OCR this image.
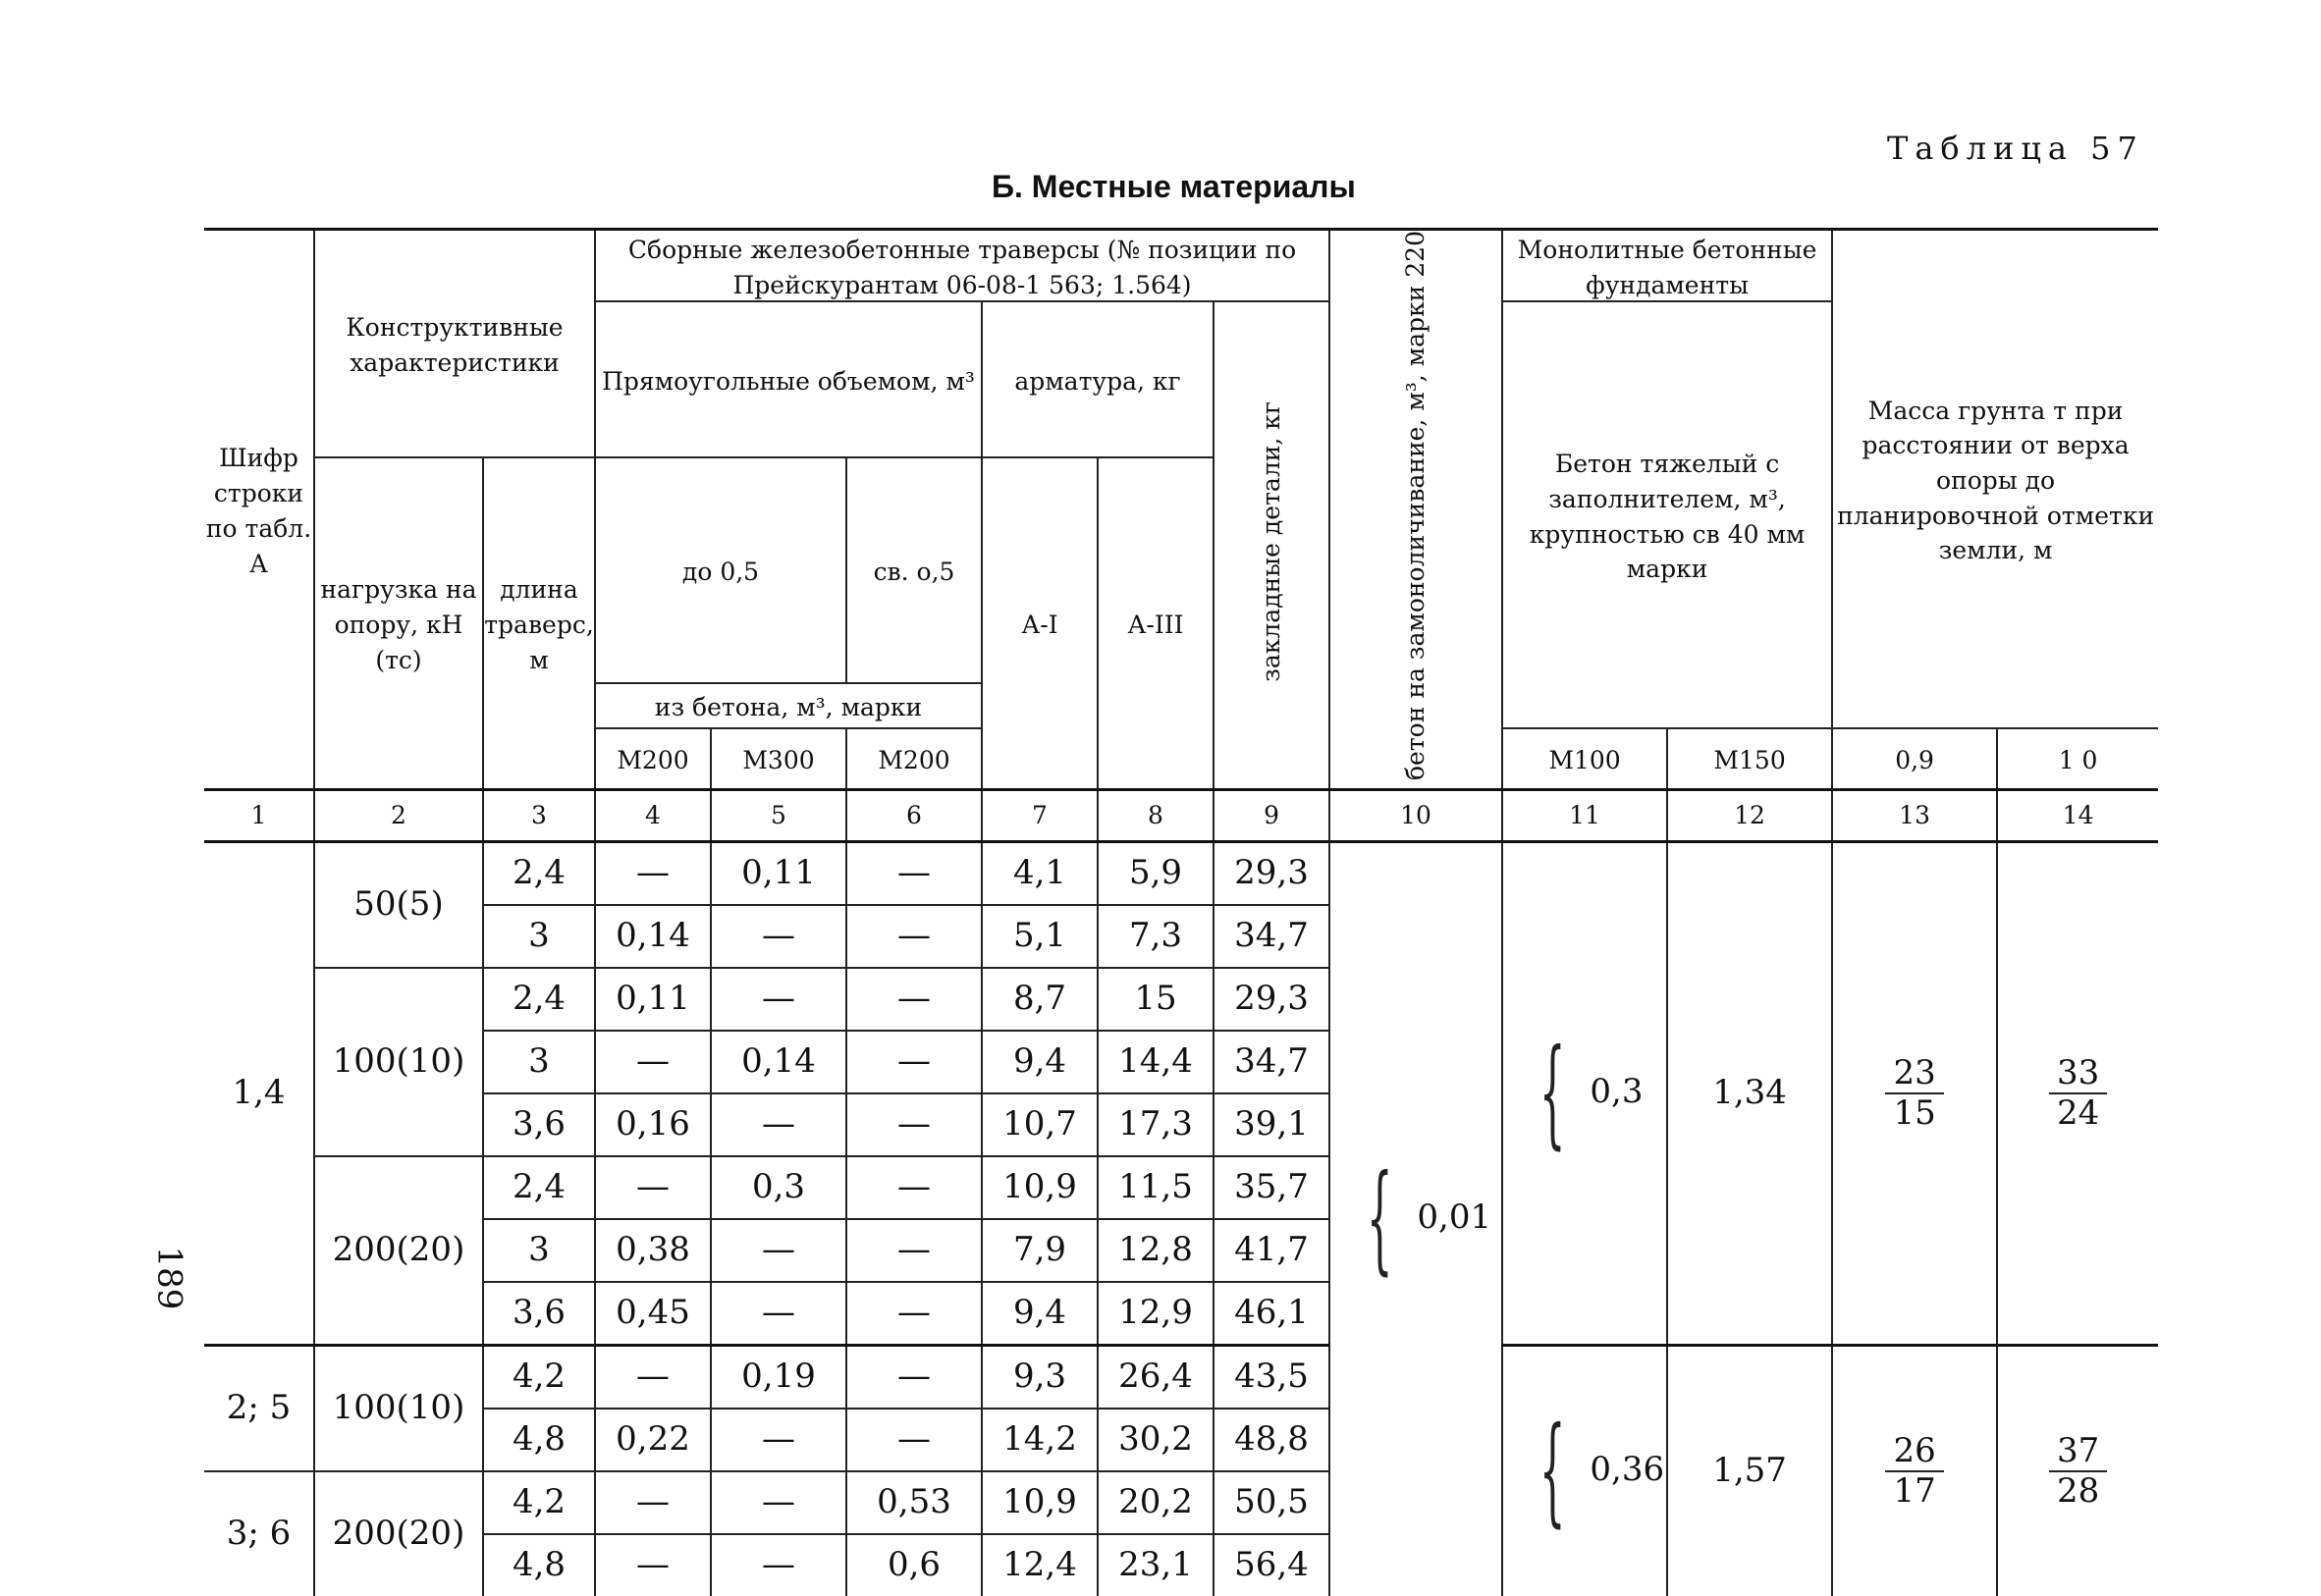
Таблица 57
Б. Местные материалы
189
Шифр строки по табл. А	Конструктивные характеристики		Сборные железобетонные траверсы (№ позиции по Прейскурантам 06-08-1 563; 1.564)						бетон на замоноличивание, м³, марки 220	Монолитные бетонные фундаменты		Масса грунта т при расстоянии от верха опоры до планировочной отметки земли, м	
			Прямоугольные объемом, м³			арматура, кг		закладные детали, кг		Бетон тяжелый с заполнителем, м³, крупностью св 40 мм марки			
	нагрузка на опору, кН (тс)	длина траверс, м	до 0,5		св. о,5	А-I	А-III						
			из бетона, м³, марки										
			М200	М300	М200					М100	М150	0,9	1 0
1	2	3	4	5	6	7	8	9	10	11	12	13	14
1,4	50(5)	2,4	—	0,11	—	4,1	5,9	29,3	{ 0,01	{ 0,3	1,34	$\frac{23}{15}$	$\frac{33}{24}$

		3	0,14	—	—	5,1	7,3	34,7					
	100(10)	2,4	0,11	—	—	8,7	15	29,3					
		3	—	0,14	—	9,4	14,4	34,7					
		3,6	0,16	—	—	10,7	17,3	39,1					
	200(20)	2,4	—	0,3	—	10,9	11,5	35,7					
		3	0,38	—	—	7,9	12,8	41,7					
		3,6	0,45	—	—	9,4	12,9	46,1					
2; 5	100(10)	4,2	—	0,19	—	9,3	26,4	43,5		{ 0,36	1,57	$\frac{26}{17}$	$\frac{37}{28}$

		4,8	0,22	—	—	14,2	30,2	48,8					
3; 6	200(20)	4,2	—	—	0,53	10,9	20,2	50,5					
		4,8	—	—	0,6	12,4	23,1	56,4					
